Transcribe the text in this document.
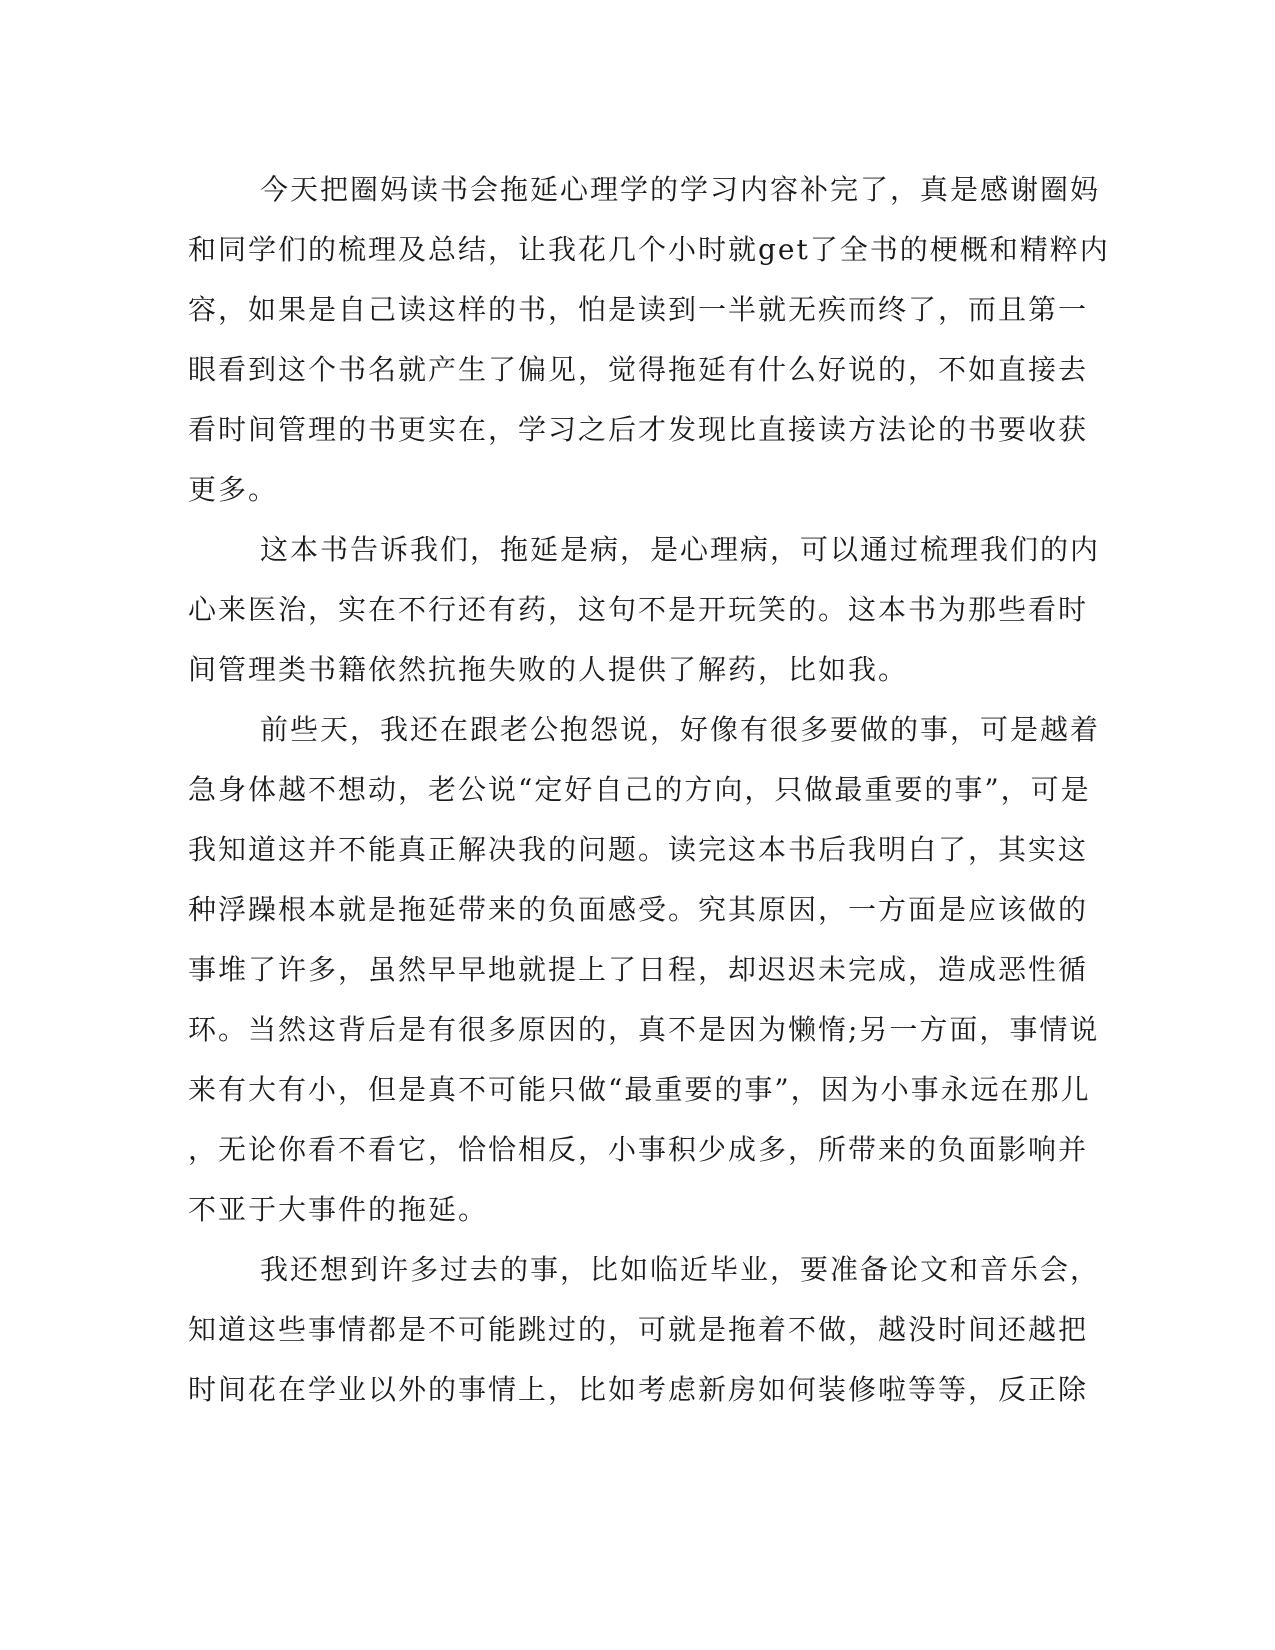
今天把圈妈读书会拖延心理学的学习内容补完了，真是感谢圈妈
和同学们的梳理及总结，让我花几个小时就get了全书的梗概和精粹内
容，如果是自己读这样的书，怕是读到一半就无疾而终了，而且第一
眼看到这个书名就产生了偏见，觉得拖延有什么好说的，不如直接去
看时间管理的书更实在，学习之后才发现比直接读方法论的书要收获
更多。
这本书告诉我们，拖延是病，是心理病，可以通过梳理我们的内
心来医治，实在不行还有药，这句不是开玩笑的。这本书为那些看时
间管理类书籍依然抗拖失败的人提供了解药，比如我。
前些天，我还在跟老公抱怨说，好像有很多要做的事，可是越着
急身体越不想动，老公说“定好自己的方向，只做最重要的事”，可是
我知道这并不能真正解决我的问题。读完这本书后我明白了，其实这
种浮躁根本就是拖延带来的负面感受。究其原因，一方面是应该做的
事堆了许多，虽然早早地就提上了日程，却迟迟未完成，造成恶性循
环。当然这背后是有很多原因的，真不是因为懒惰;另一方面，事情说
来有大有小，但是真不可能只做“最重要的事”，因为小事永远在那儿
，无论你看不看它，恰恰相反，小事积少成多，所带来的负面影响并
不亚于大事件的拖延。
我还想到许多过去的事，比如临近毕业，要准备论文和音乐会，
知道这些事情都是不可能跳过的，可就是拖着不做，越没时间还越把
时间花在学业以外的事情上，比如考虑新房如何装修啦等等，反正除
